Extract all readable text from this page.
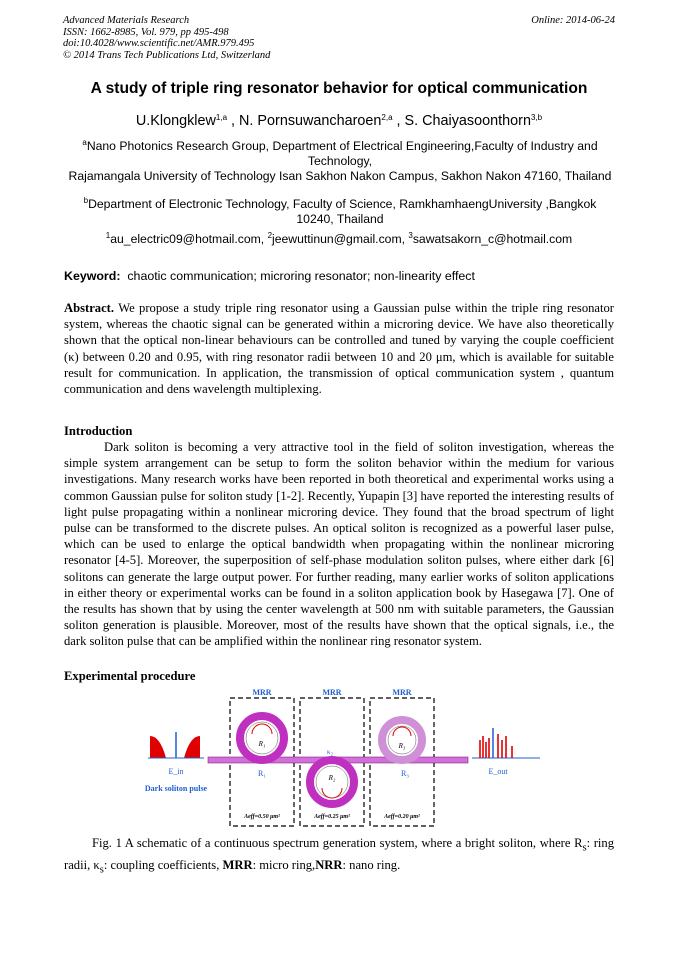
Advanced Materials Research
ISSN: 1662-8985, Vol. 979, pp 495-498
doi:10.4028/www.scientific.net/AMR.979.495
© 2014 Trans Tech Publications Ltd, Switzerland
Online: 2014-06-24
A study of triple ring resonator behavior for optical communication
U.Klongklew$^{1,a}$ , N. Pornsuwancharoen$^{2,a}$ , S. Chaiyasoonthorn$^{3,b}$
$^a$Nano Photonics Research Group, Department of Electrical Engineering,Faculty of Industry and Technology,
Rajamangala University of Technology Isan Sakhon Nakon Campus, Sakhon Nakon 47160, Thailand
$^b$Department of Electronic Technology, Faculty of Science, RamkhamhaengUniversity ,Bangkok 10240, Thailand
$^1$au_electric09@hotmail.com, $^2$jeewuttinun@gmail.com, $^3$sawatsakorn_c@hotmail.com
Keyword: chaotic communication; microring resonator; non-linearity effect
Abstract. We propose a study triple ring resonator using a Gaussian pulse within the triple ring resonator system, whereas the chaotic signal can be generated within a microring device. We have also theoretically shown that the optical non-linear behaviours can be controlled and tuned by varying the couple coefficient (κ) between 0.20 and 0.95, with ring resonator radii between 10 and 20 μm, which is available for suitable result for communication. In application, the transmission of optical communication system , quantum communication and dens wavelength multiplexing.
Introduction
Dark soliton is becoming a very attractive tool in the field of soliton investigation, whereas the simple system arrangement can be setup to form the soliton behavior within the medium for various investigations. Many research works have been reported in both theoretical and experimental works using a common Gaussian pulse for soliton study [1-2]. Recently, Yupapin [3] have reported the interesting results of light pulse propagating within a nonlinear microring device. They found that the broad spectrum of light pulse can be transformed to the discrete pulses. An optical soliton is recognized as a powerful laser pulse, which can be used to enlarge the optical bandwidth when propagating within the nonlinear microring resonator [4-5]. Moreover, the superposition of self-phase modulation soliton pulses, where either dark [6] solitons can generate the large output power. For further reading, many earlier works of soliton applications in either theory or experimental works can be found in a soliton application book by Hasegawa [7]. One of the results has shown that by using the center wavelength at 500 nm with suitable parameters, the Gaussian soliton generation is plausible. Moreover, most of the results have shown that the optical signals, i.e., the dark soliton pulse that can be amplified within the nonlinear ring resonator system.
Experimental procedure
MRR	MRR	MRR
R₁
R₂
R₃
κ₂
R₁	R₃
E_in
Dark soliton pulse
E_out
Aeff=0.50 μm²	Aeff=0.25 μm²	Aeff=0.20 μm²
Fig. 1 A schematic of a continuous spectrum generation system, where a bright soliton, where $R_s$: ring radii, $\kappa_s$: coupling coefficients, MRR: micro ring,NRR: nano ring.
